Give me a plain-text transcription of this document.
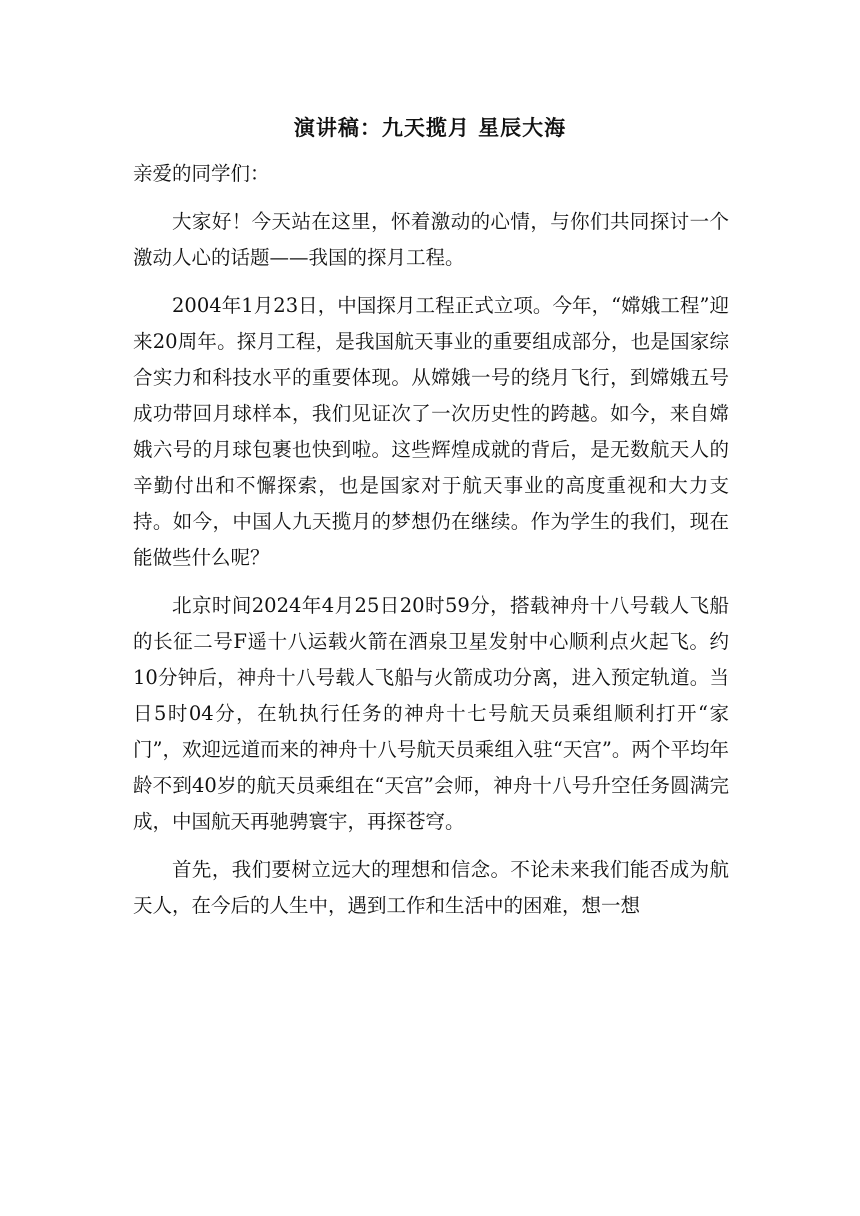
演讲稿：九天揽月 星辰大海

亲爱的同学们：

大家好！今天站在这里，怀着激动的心情，与你们共同探讨一个激动人心的话题——我国的探月工程。

2004年1月23日，中国探月工程正式立项。今年，“嫦娥工程”迎来20周年。探月工程，是我国航天事业的重要组成部分，也是国家综合实力和科技水平的重要体现。从嫦娥一号的绕月飞行，到嫦娥五号成功带回月球样本，我们见证次了一次历史性的跨越。如今，来自嫦娥六号的月球包裹也快到啦。这些辉煌成就的背后，是无数航天人的辛勤付出和不懈探索，也是国家对于航天事业的高度重视和大力支持。如今，中国人九天揽月的梦想仍在继续。作为学生的我们，现在能做些什么呢？

北京时间2024年4月25日20时59分，搭载神舟十八号载人飞船的长征二号F遥十八运载火箭在酒泉卫星发射中心顺利点火起飞。约10分钟后，神舟十八号载人飞船与火箭成功分离，进入预定轨道。当日5时04分，在轨执行任务的神舟十七号航天员乘组顺利打开“家门”，欢迎远道而来的神舟十八号航天员乘组入驻“天宫”。两个平均年龄不到40岁的航天员乘组在“天宫”会师，神舟十八号升空任务圆满完成，中国航天再驰骋寰宇，再探苍穹。

首先，我们要树立远大的理想和信念。不论未来我们能否成为航天人，在今后的人生中，遇到工作和生活中的困难，想一想
